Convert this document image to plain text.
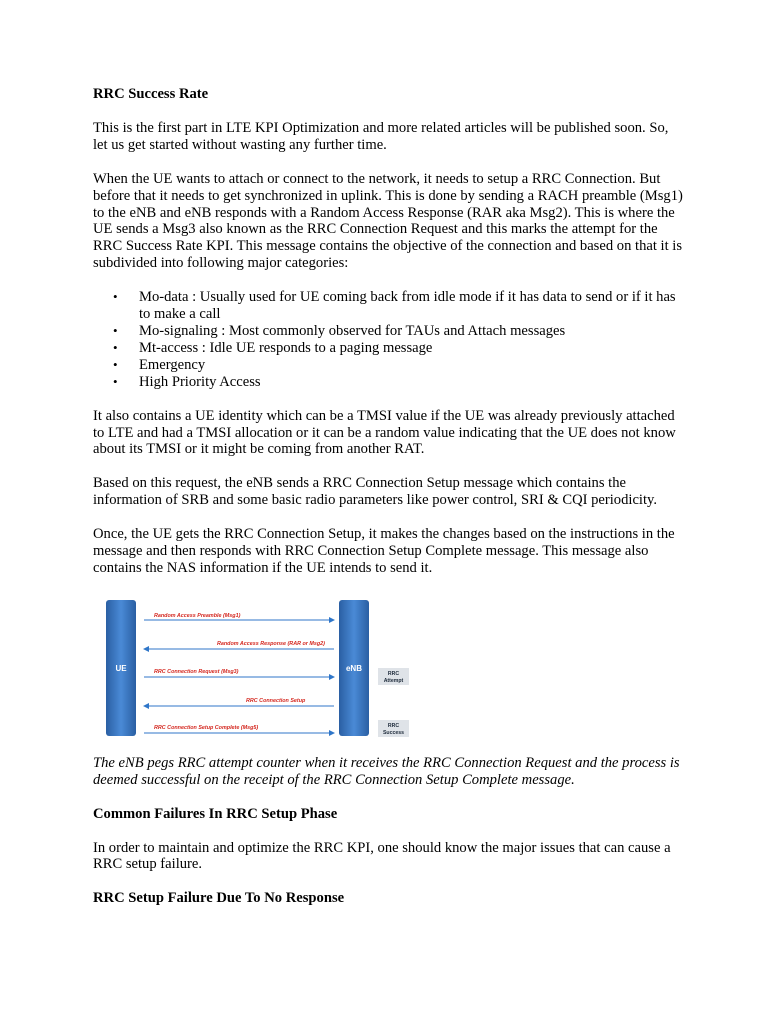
RRC Success Rate

This is the first part in LTE KPI Optimization and more related articles will be published soon. So, let us get started without wasting any further time.

When the UE wants to attach or connect to the network, it needs to setup a RRC Connection. But before that it needs to get synchronized in uplink. This is done by sending a RACH preamble (Msg1) to the eNB and eNB responds with a Random Access Response (RAR aka Msg2). This is where the UE sends a Msg3 also known as the RRC Connection Request and this marks the attempt for the RRC Success Rate KPI. This message contains the objective of the connection and based on that it is subdivided into following major categories:

• Mo-data : Usually used for UE coming back from idle mode if it has data to send or if it has to make a call
• Mo-signaling : Most commonly observed for TAUs and Attach messages
• Mt-access : Idle UE responds to a paging message
• Emergency
• High Priority Access

It also contains a UE identity which can be a TMSI value if the UE was already previously attached to LTE and had a TMSI allocation or it can be a random value indicating that the UE does not know about its TMSI or it might be coming from another RAT.

Based on this request, the eNB sends a RRC Connection Setup message which contains the information of SRB and some basic radio parameters like power control, SRI & CQI periodicity.

Once, the UE gets the RRC Connection Setup, it makes the changes based on the instructions in the message and then responds with RRC Connection Setup Complete message. This message also contains the NAS information if the UE intends to send it.

UE	eNB
Random Access Preamble (Msg1)
Random Access Response (RAR or Msg2)
RRC Connection Request (Msg3)
RRC Connection Setup
RRC Connection Setup Complete (Msg5)
RRC
Attempt
RRC
Success

The eNB pegs RRC attempt counter when it receives the RRC Connection Request and the process is deemed successful on the receipt of the RRC Connection Setup Complete message.

Common Failures In RRC Setup Phase

In order to maintain and optimize the RRC KPI, one should know the major issues that can cause a RRC setup failure.

RRC Setup Failure Due To No Response
